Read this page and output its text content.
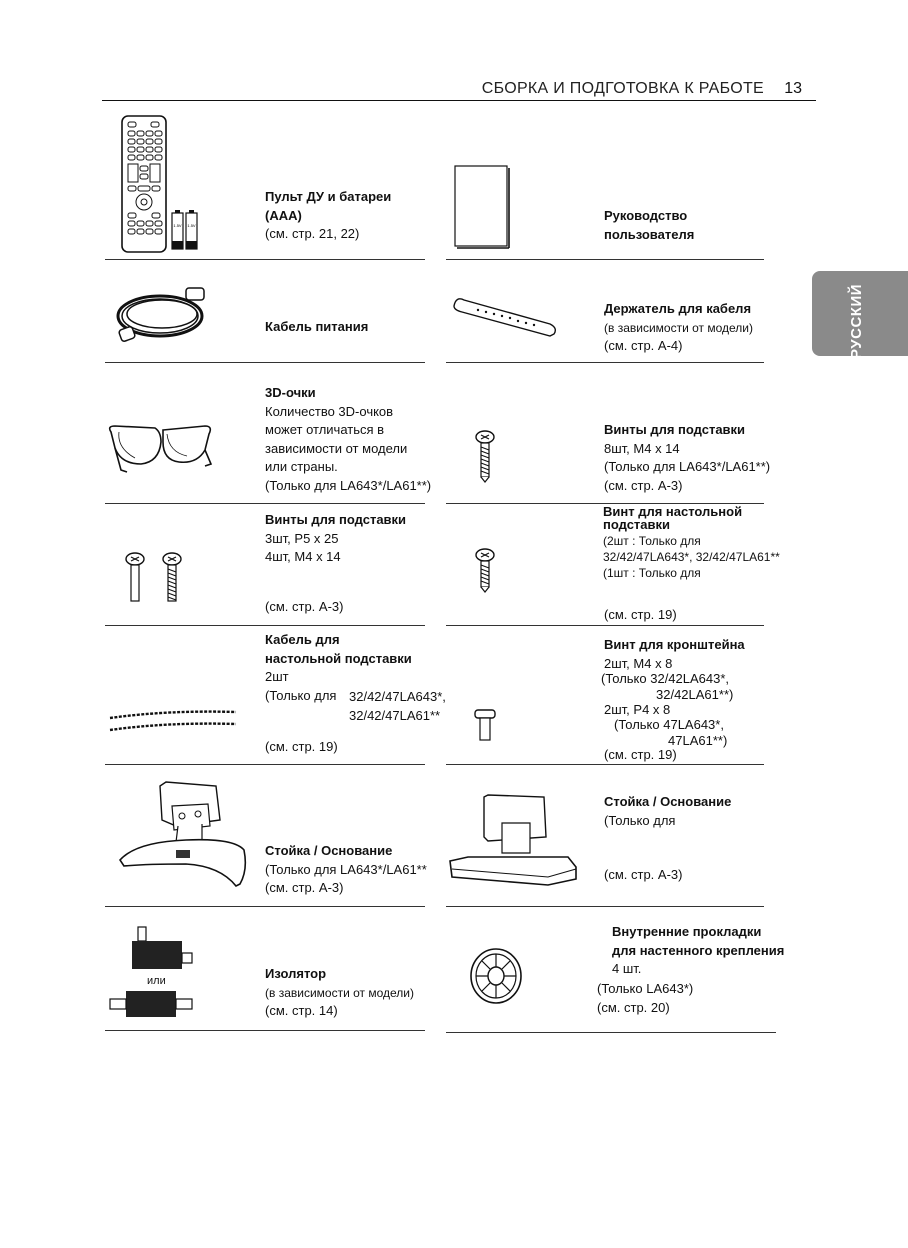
СБОРКА И ПОДГОТОВКА К РАБОТЕ 13
РУССКИЙ
1.5V 1.5V
Пульт ДУ и батареи
(AAA)
(см. стр. 21, 22)
Руководство
пользователя
Кабель питания
Держатель для кабеля
(в зависимости от модели)
(см. стр. A-4)
3D-очки
Количество 3D-очков
может отличаться в
зависимости от модели
или страны.
(Только для LA643*/LA61**)
Винты для подставки
8шт, M4 x 14
(Только для LA643*/LA61**)
(см. стр. A-3)
Винты для подставки
3шт, P5 x 25
4шт, M4 x 14
(см. стр. A-3)
Винт для настольной
подставки
(2шт : Только для
32/42/47LA643*, 32/42/47LA61**
(1шт : Только для
(см. стр. 19)
Кабель для
настольной подставки
2шт
(Только для 32/42/47LA643*,
32/42/47LA61**
(см. стр. 19)
Винт для кронштейна
2шт, M4 x 8
(Только 32/42LA643*,
32/42LA61**)
2шт, P4 x 8
(Только 47LA643*,
47LA61**)
(см. стр. 19)
Стойка / Основание
(Только для LA643*/LA61**
(см. стр. A-3)
Стойка / Основание
(Только для
(см. стр. A-3)
или	Изолятор
(в зависимости от модели)
(см. стр. 14)
Внутренние прокладки
для настенного крепления
4 шт.
(Только LA643*)
(см. стр. 20)
